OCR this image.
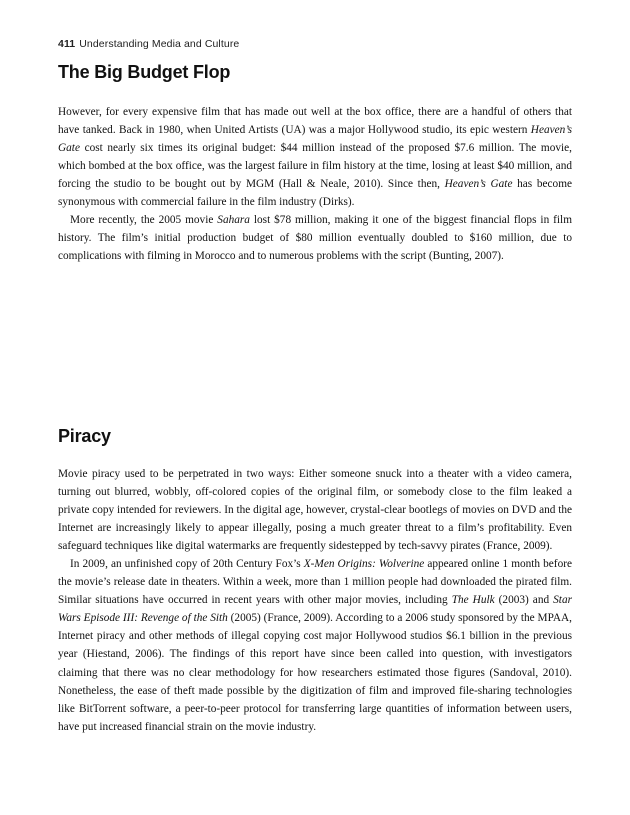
411 Understanding Media and Culture
The Big Budget Flop

However, for every expensive film that has made out well at the box office, there are a handful of others that have tanked. Back in 1980, when United Artists (UA) was a major Hollywood studio, its epic western Heaven’s Gate cost nearly six times its original budget: $44 million instead of the proposed $7.6 million. The movie, which bombed at the box office, was the largest failure in film history at the time, losing at least $40 million, and forcing the studio to be bought out by MGM (Hall & Neale, 2010). Since then, Heaven’s Gate has become synonymous with commercial failure in the film industry (Dirks).

More recently, the 2005 movie Sahara lost $78 million, making it one of the biggest financial flops in film history. The film’s initial production budget of $80 million eventually doubled to $160 million, due to complications with filming in Morocco and to numerous problems with the script (Bunting, 2007).

Piracy

Movie piracy used to be perpetrated in two ways: Either someone snuck into a theater with a video camera, turning out blurred, wobbly, off-colored copies of the original film, or somebody close to the film leaked a private copy intended for reviewers. In the digital age, however, crystal-clear bootlegs of movies on DVD and the Internet are increasingly likely to appear illegally, posing a much greater threat to a film’s profitability. Even safeguard techniques like digital watermarks are frequently sidestepped by tech-savvy pirates (France, 2009).

In 2009, an unfinished copy of 20th Century Fox’s X-Men Origins: Wolverine appeared online 1 month before the movie’s release date in theaters. Within a week, more than 1 million people had downloaded the pirated film. Similar situations have occurred in recent years with other major movies, including The Hulk (2003) and Star Wars Episode III: Revenge of the Sith (2005) (France, 2009). According to a 2006 study sponsored by the MPAA, Internet piracy and other methods of illegal copying cost major Hollywood studios $6.1 billion in the previous year (Hiestand, 2006). The findings of this report have since been called into question, with investigators claiming that there was no clear methodology for how researchers estimated those figures (Sandoval, 2010). Nonetheless, the ease of theft made possible by the digitization of film and improved file-sharing technologies like BitTorrent software, a peer-to-peer protocol for transferring large quantities of information between users, have put increased financial strain on the movie industry.
